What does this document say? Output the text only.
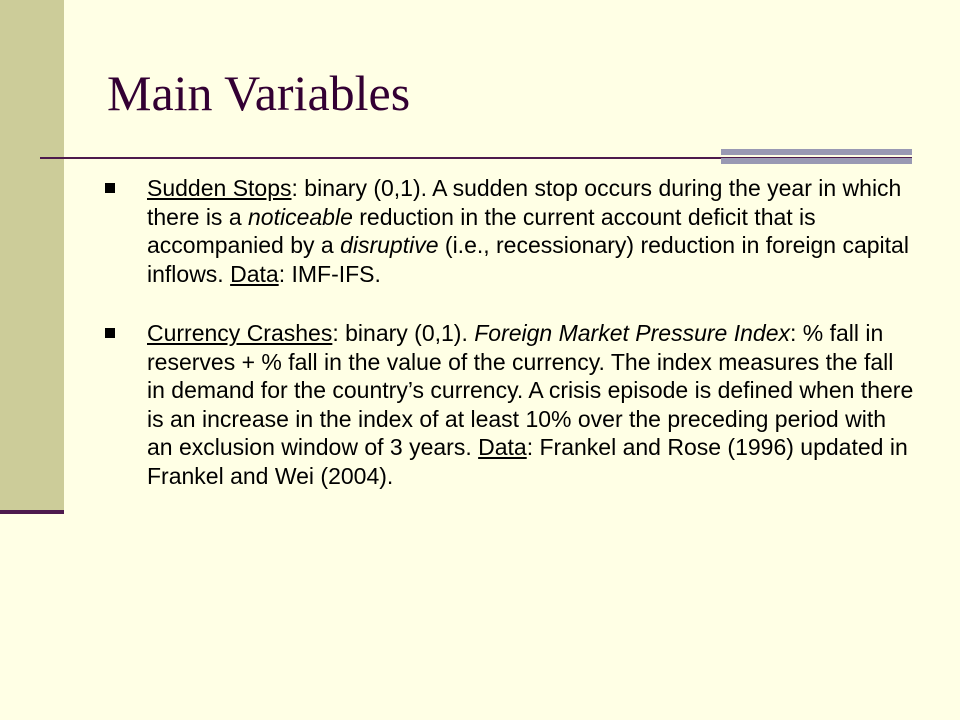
Main Variables
Sudden Stops: binary (0,1). A sudden stop occurs during the year in which there is a noticeable reduction in the current account deficit that is accompanied by a disruptive (i.e., recessionary) reduction in foreign capital inflows. Data: IMF-IFS.
Currency Crashes: binary (0,1). Foreign Market Pressure Index: % fall in reserves + % fall in the value of the currency. The index measures the fall in demand for the country’s currency. A crisis episode is defined when there is an increase in the index of at least 10% over the preceding period with an exclusion window of 3 years. Data: Frankel and Rose (1996) updated in Frankel and Wei (2004).
